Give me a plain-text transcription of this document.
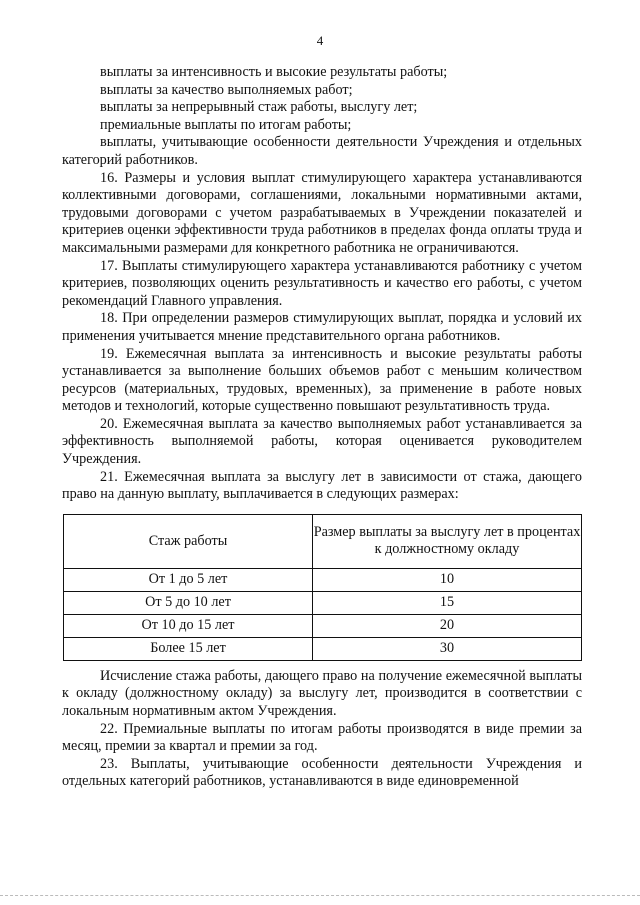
4

выплаты за интенсивность и высокие результаты работы;

выплаты за качество выполняемых работ;

выплаты за непрерывный стаж работы, выслугу лет;

премиальные выплаты по итогам работы;

выплаты, учитывающие особенности деятельности Учреждения и отдельных категорий работников.

16. Размеры и условия выплат стимулирующего характера устанавливаются коллективными договорами, соглашениями, локальными нормативными актами, трудовыми договорами с учетом разрабатываемых в Учреждении показателей и критериев оценки эффективности труда работников в пределах фонда оплаты труда и максимальными размерами для конкретного работника не ограничиваются.

17. Выплаты стимулирующего характера устанавливаются работнику с учетом критериев, позволяющих оценить результативность и качество его работы, с учетом рекомендаций Главного управления.

18. При определении размеров стимулирующих выплат, порядка и условий их применения учитывается мнение представительного органа работников.

19. Ежемесячная выплата за интенсивность и высокие результаты работы устанавливается за выполнение больших объемов работ с меньшим количеством ресурсов (материальных, трудовых, временных), за применение в работе новых методов и технологий, которые существенно повышают результативность труда.

20. Ежемесячная выплата за качество выполняемых работ устанавливается за эффективность выполняемой работы, которая оценивается руководителем Учреждения.

21. Ежемесячная выплата за выслугу лет в зависимости от стажа, дающего право на данную выплату, выплачивается в следующих размерах:

Стаж работы	Размер выплаты за выслугу лет в процентах к должностному окладу
От 1 до 5 лет	10
От 5 до 10 лет	15
От 10 до 15 лет	20
Более 15 лет	30

Исчисление стажа работы, дающего право на получение ежемесячной выплаты к окладу (должностному окладу) за выслугу лет, производится в соответствии с локальным нормативным актом Учреждения.

22. Премиальные выплаты по итогам работы производятся в виде премии за месяц, премии за квартал и премии за год.

23. Выплаты, учитывающие особенности деятельности Учреждения и отдельных категорий работников, устанавливаются в виде единовременной
